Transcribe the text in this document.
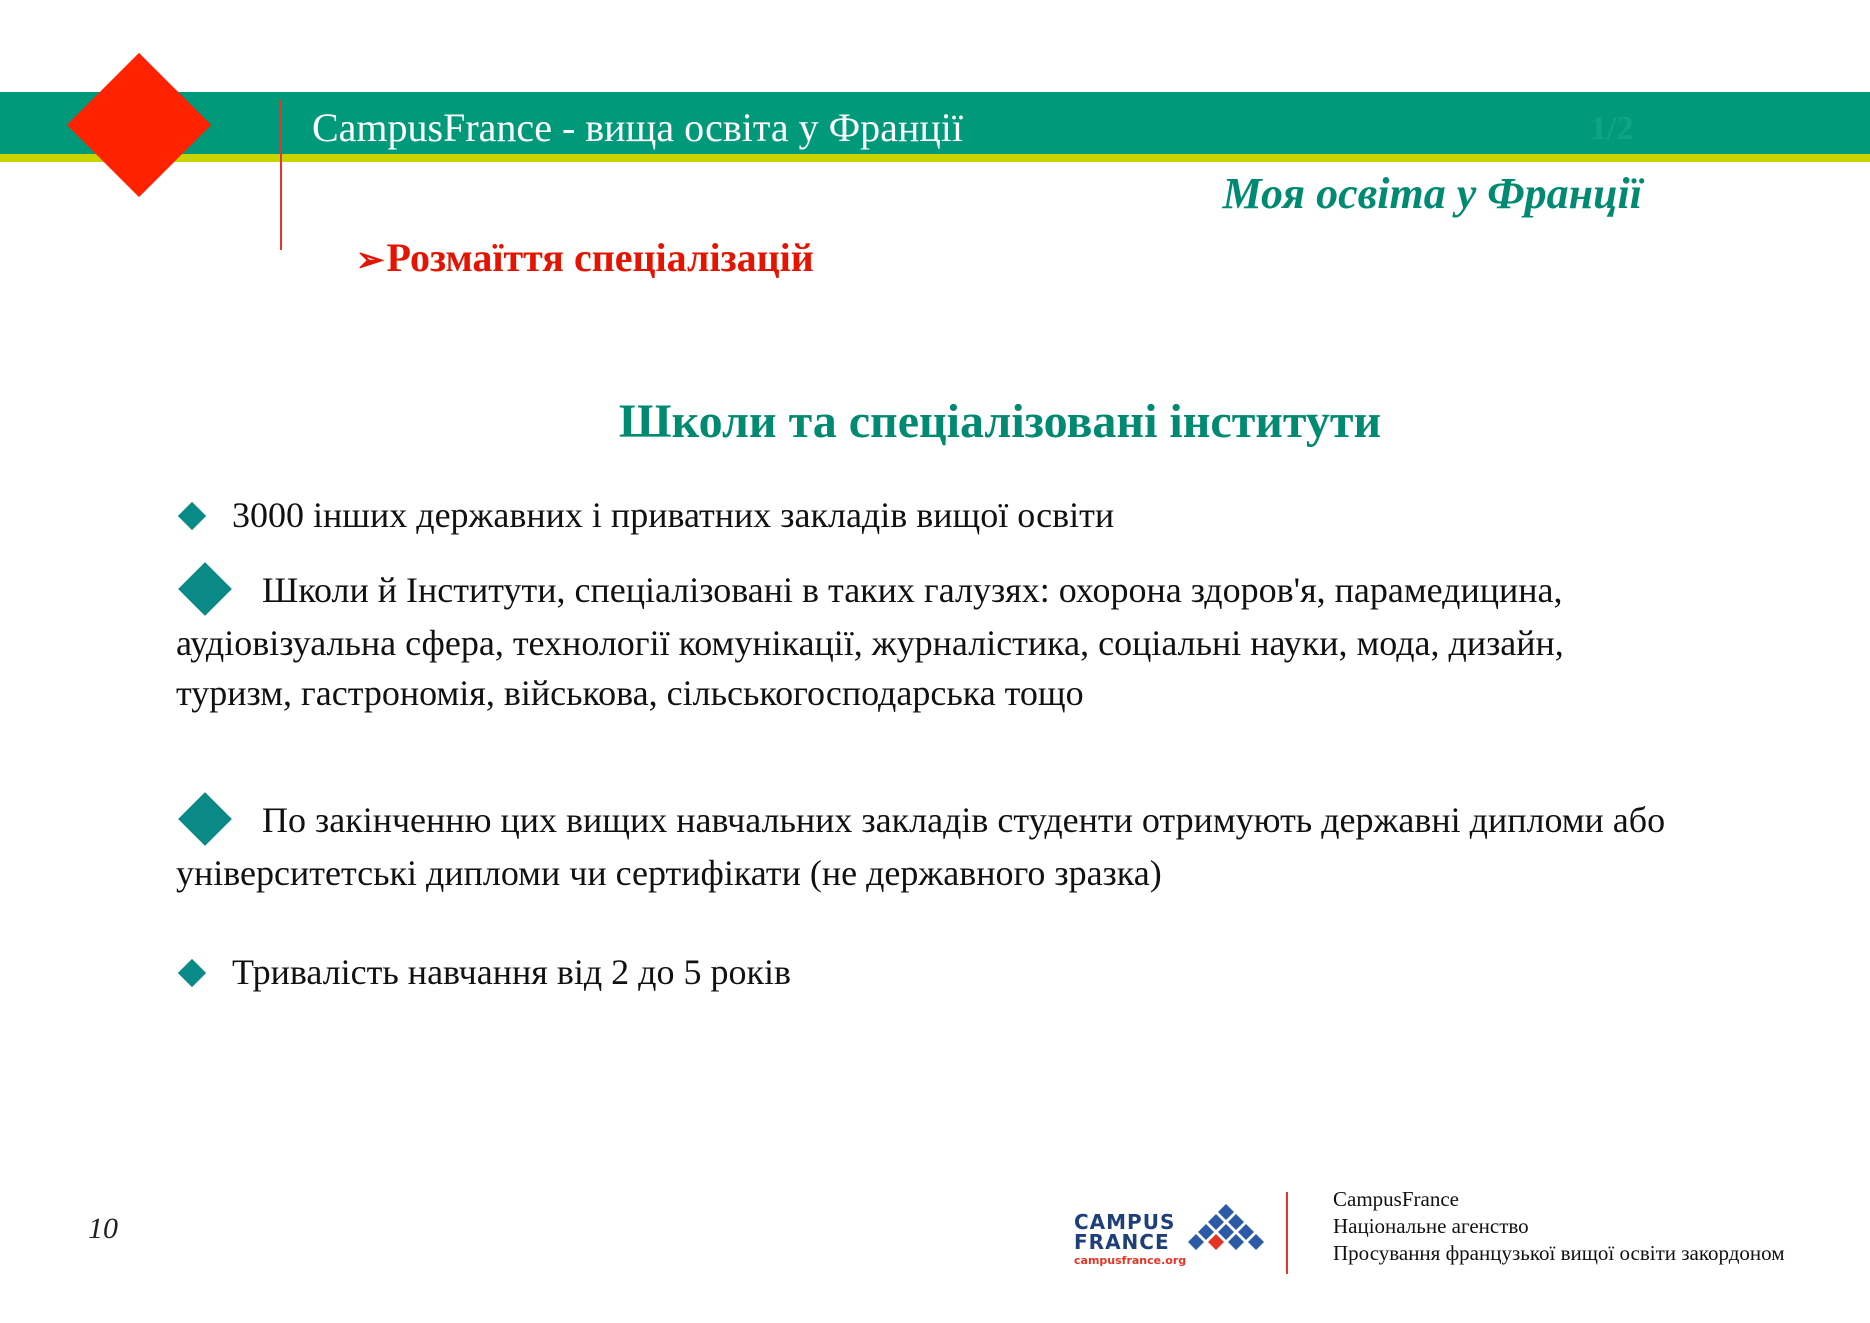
CampusFrance - вища освіта у Франції	1/2
Моя освіта у Франції
➢Розмаїття спеціалізацій
Школи та спеціалізовані інститути
3000 інших державних і приватних закладів вищої освіти
Школи й Інститути, спеціалізовані в таких галузях: охорона здоров'я, парамедицина, аудіовізуальна сфера, технології комунікації, журналістика, соціальні науки, мода, дизайн, туризм, гастрономія, військова, сільськогосподарська тощо
По закінченню цих вищих навчальних закладів студенти отримують державні дипломи або університетські дипломи чи сертифікати (не державного зразка)
Тривалість навчання від 2 до 5 років
10	CAMPUS
FRANCE
campusfrance.org
CampusFrance
Національне агенство
Просування французької вищої освіти закордоном
